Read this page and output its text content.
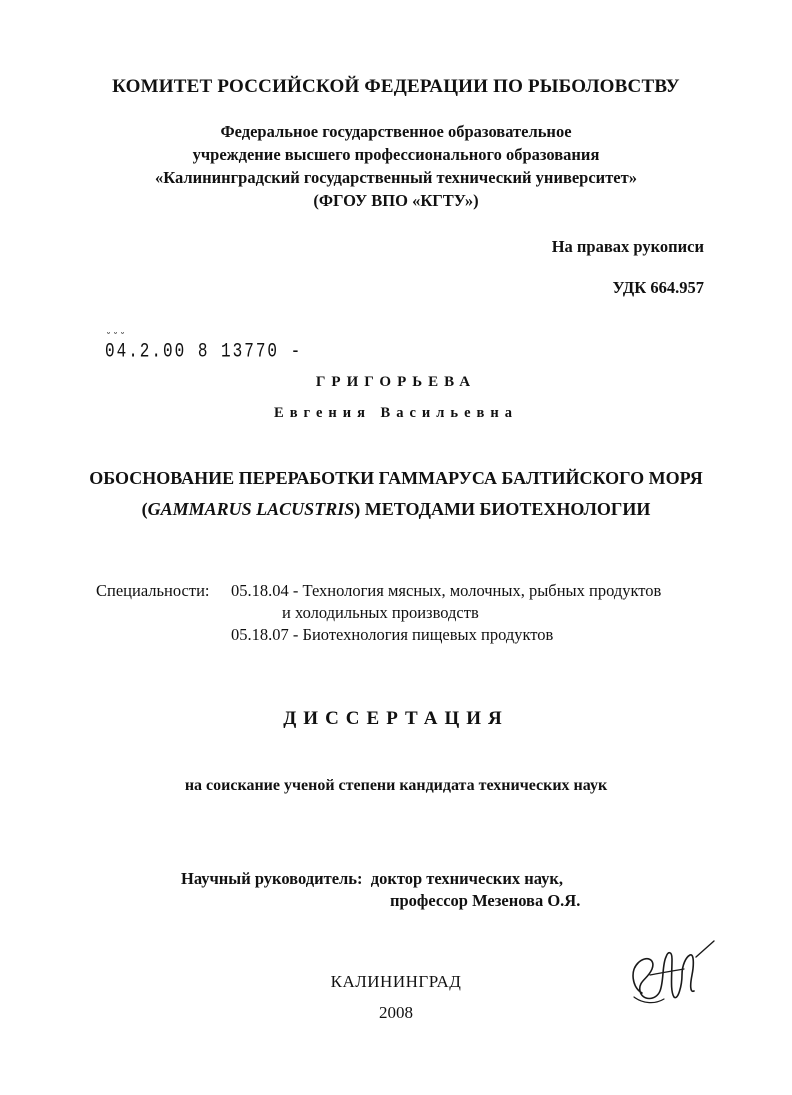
КОМИТЕТ РОССИЙСКОЙ ФЕДЕРАЦИИ ПО РЫБОЛОВСТВУ
Федеральное государственное образовательное
учреждение высшего профессионального образования
«Калининградский государственный технический университет»
(ФГОУ ВПО «КГТУ»)
На правах рукописи
УДК 664.957
˘˘˘
04.2.00 8 13770 -
ГРИГОРЬЕВА
Евгения Васильевна
ОБОСНОВАНИЕ ПЕРЕРАБОТКИ ГАММАРУСА БАЛТИЙСКОГО МОРЯ
(GAMMARUS LACUSTRIS) МЕТОДАМИ БИОТЕХНОЛОГИИ
Специальности: 05.18.04 - Технология мясных, молочных, рыбных продуктов
и холодильных производств
05.18.07 - Биотехнология пищевых продуктов
ДИССЕРТАЦИЯ
на соискание ученой степени кандидата технических наук
Научный руководитель: доктор технических наук,
профессор Мезенова О.Я.
КАЛИНИНГРАД
2008
